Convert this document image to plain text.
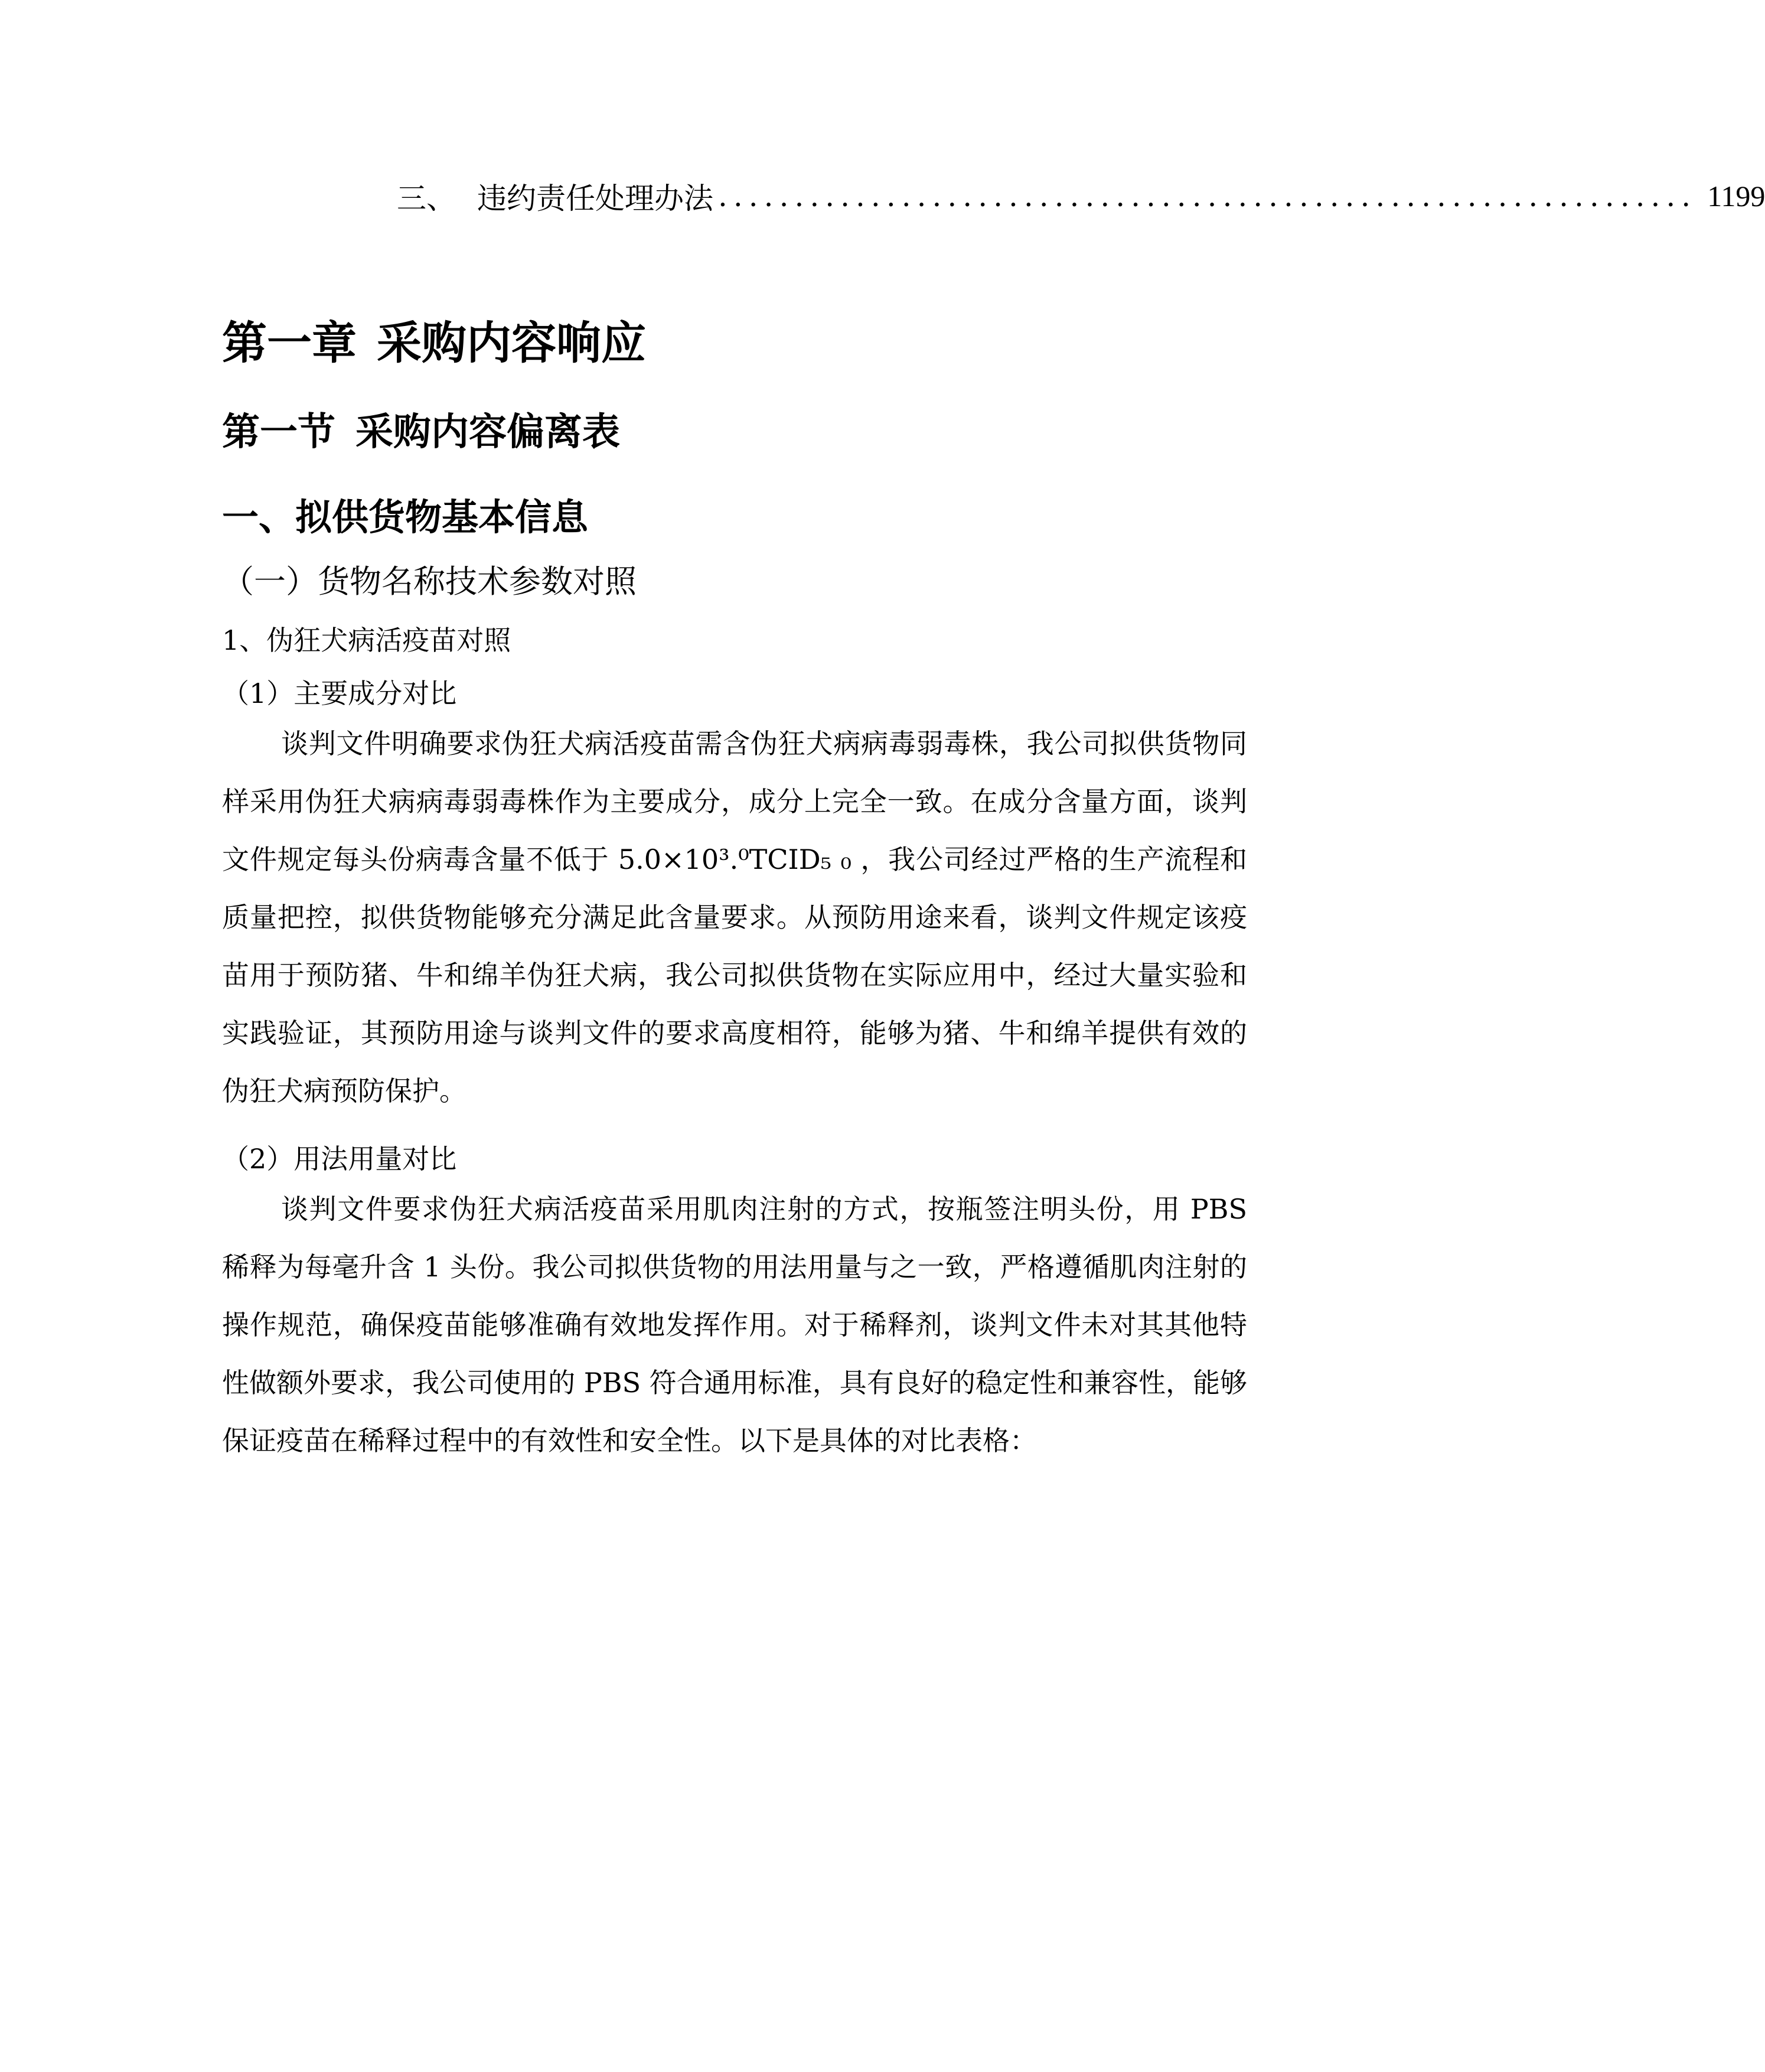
三、 违约责任处理办法 ................................................................ 1199
第一章 采购内容响应
第一节 采购内容偏离表
一、拟供货物基本信息
（一）货物名称技术参数对照
1、伪狂犬病活疫苗对照
（1）主要成分对比

谈判文件明确要求伪狂犬病活疫苗需含伪狂犬病病毒弱毒株，我公司拟供货物同样采用伪狂犬病病毒弱毒株作为主要成分，成分上完全一致。在成分含量方面，谈判文件规定每头份病毒含量不低于 5.0×10³.⁰TCID₅ ₀ ，我公司经过严格的生产流程和质量把控，拟供货物能够充分满足此含量要求。从预防用途来看，谈判文件规定该疫苗用于预防猪、牛和绵羊伪狂犬病，我公司拟供货物在实际应用中，经过大量实验和实践验证，其预防用途与谈判文件的要求高度相符，能够为猪、牛和绵羊提供有效的伪狂犬病预防保护。

（2）用法用量对比

谈判文件要求伪狂犬病活疫苗采用肌肉注射的方式，按瓶签注明头份，用 PBS 稀释为每毫升含 1 头份。我公司拟供货物的用法用量与之一致，严格遵循肌肉注射的操作规范，确保疫苗能够准确有效地发挥作用。对于稀释剂，谈判文件未对其其他特性做额外要求，我公司使用的 PBS 符合通用标准，具有良好的稳定性和兼容性，能够保证疫苗在稀释过程中的有效性和安全性。以下是具体的对比表格：
